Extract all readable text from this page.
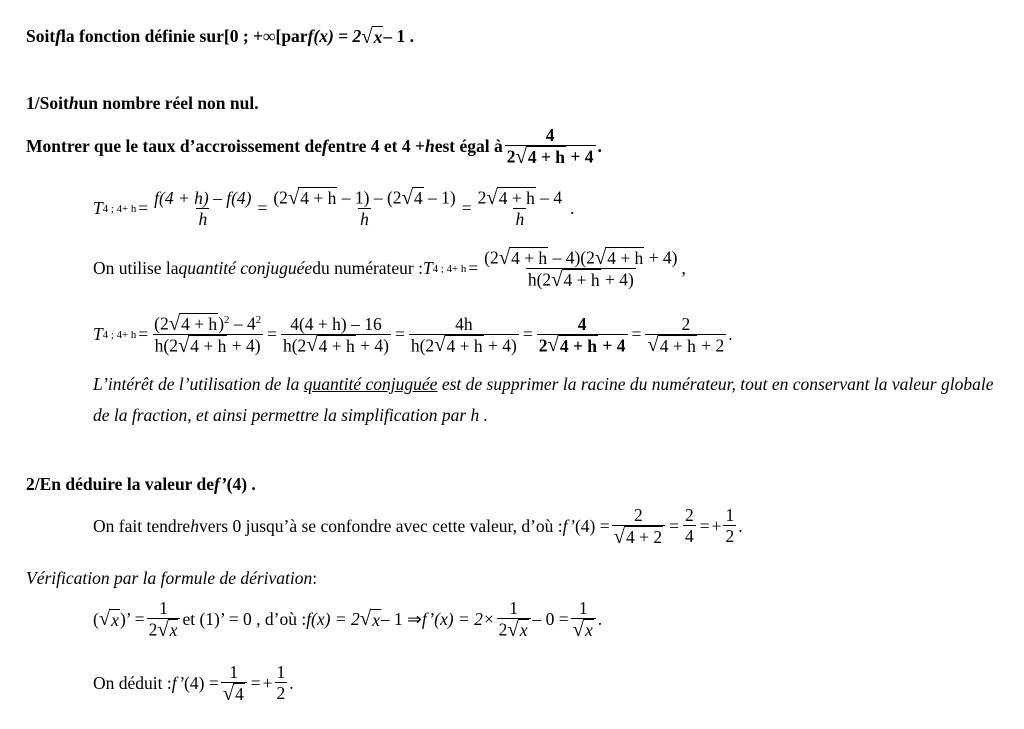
Soit f la fonction définie sur [0 ; +∞[ par f(x) = 2 √ x – 1 .
1/ Soit h un nombre réel non nul.
Montrer que le taux d’accroissement de f entre 4 et 4 + h est égal à
4
2 √ 4 + h + 4
.
T 4 ; $4+ h = \frac{f(4 + h) - f(4)}{h} = \frac{(2 √ 4 + h - 1) - (2 √ 4 - 1)}{h} = \frac{2 √ 4 + h - 4}{h}$ .
On utilise la quantité conjuguée du numérateur : T 4 ; $4+ h = \frac{(2 √ 4 + h - 4)(2 √ 4 + h + 4)}{h(2 √ 4 + h + 4)}$ ,
T 4 ; $4+ h = \frac{(2 √ 4 + h )^2 - 4^2}{h(2 √ 4 + h + 4)} = \frac{4(4 + h) - 16}{h(2 √ 4 + h + 4)} = \frac{4h}{h(2 √ 4 + h + 4)} = \frac{4}{2 √ 4 + h + 4} = \frac{2}{√ 4 + h + 2}$ .

L’intérêt de l’utilisation de la quantité conjuguée est de supprimer la racine du numérateur, tout en conservant la valeur globale de la fraction, et ainsi permettre la simplification par h .

2/ En déduire la valeur de f’ (4) .
On fait tendre h vers 0 jusqu’à se confondre avec cette valeur, d’où : f’ $(4) = \frac{2}{√ 4 + 2} = \frac{2}{4}$ = + $\frac{1}{2}$ .
Vérification par la formule de dérivation :
( √ x )’ = $\frac{1}{2 √ x}$ et (1)’ = 0 , d’où : f(x) = 2 √ x – 1 ⇒ f’(x) = $2\times \frac{1}{2 √ x} - 0 = \frac{1}{√ x}$ .
On déduit : f’ $(4) = \frac{1}{√ 4}$ = + $\frac{1}{2}$ .
